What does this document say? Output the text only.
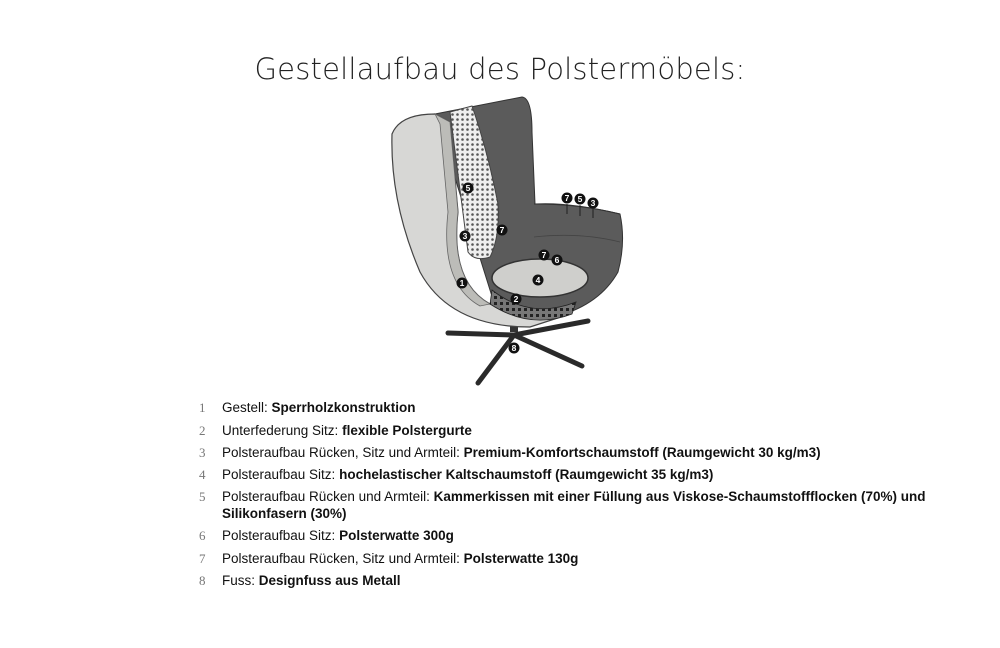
Gestellaufbau des Polstermöbels:
1
2
3
4
5
6
7
8
7 5 3
7
1	Gestell: Sperrholzkonstruktion
2	Unterfederung Sitz: flexible Polstergurte
3	Polsteraufbau Rücken, Sitz und Armteil: Premium-Komfortschaumstoff (Raumgewicht 30 kg/m3)
4	Polsteraufbau Sitz: hochelastischer Kaltschaumstoff (Raumgewicht 35 kg/m3)
5	Polsteraufbau Rücken und Armteil: Kammerkissen mit einer Füllung aus Viskose-Schaumstoffflocken (70%) und Silikonfasern (30%)
6	Polsteraufbau Sitz: Polsterwatte 300g
7	Polsteraufbau Rücken, Sitz und Armteil: Polsterwatte 130g
8	Fuss: Designfuss aus Metall
